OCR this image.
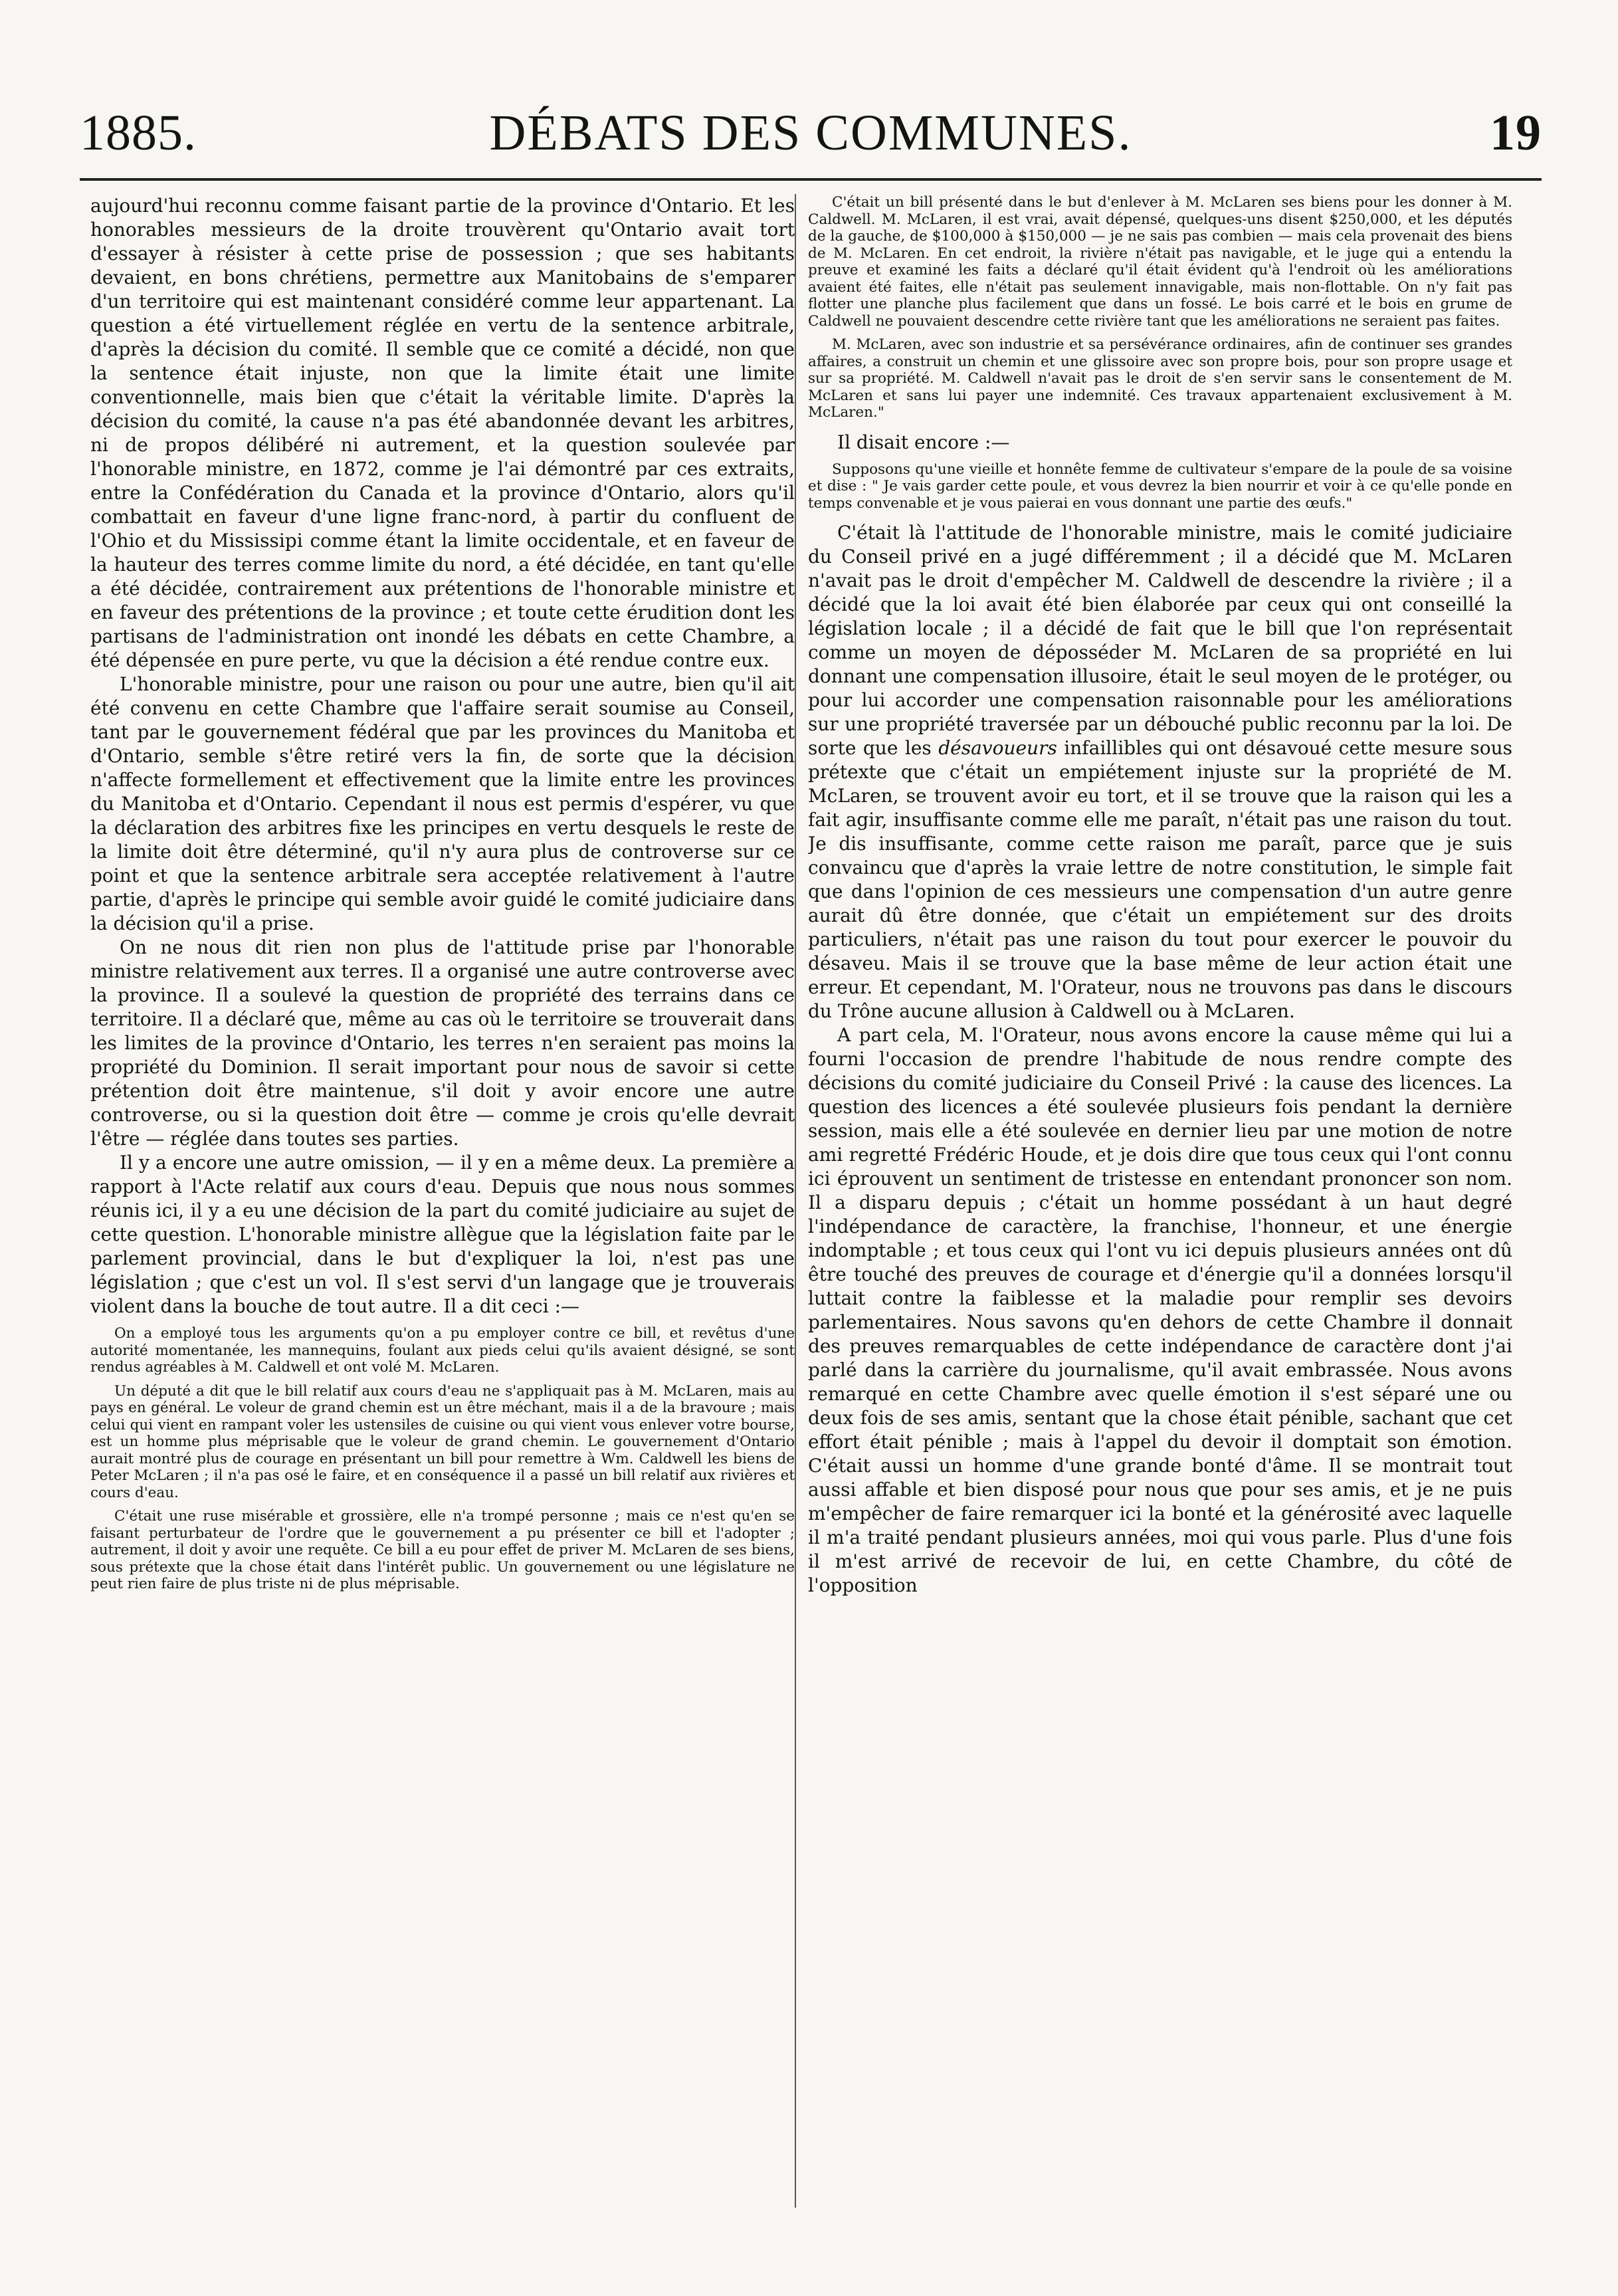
1885.	DÉBATS DES COMMUNES.	19

aujourd'hui reconnu comme faisant partie de la province d'Ontario. Et les honorables messieurs de la droite trouvèrent qu'Ontario avait tort d'essayer à résister à cette prise de possession ; que ses habitants devaient, en bons chrétiens, permettre aux Manitobains de s'emparer d'un territoire qui est maintenant considéré comme leur appartenant. La question a été virtuellement réglée en vertu de la sentence arbitrale, d'après la décision du comité. Il semble que ce comité a décidé, non que la sentence était injuste, non que la limite était une limite conventionnelle, mais bien que c'était la véritable limite. D'après la décision du comité, la cause n'a pas été abandonnée devant les arbitres, ni de propos délibéré ni autrement, et la question soulevée par l'honorable ministre, en 1872, comme je l'ai démontré par ces extraits, entre la Confédération du Canada et la province d'Ontario, alors qu'il combattait en faveur d'une ligne franc-nord, à partir du confluent de l'Ohio et du Mississipi comme étant la limite occidentale, et en faveur de la hauteur des terres comme limite du nord, a été décidée, en tant qu'elle a été décidée, contrairement aux prétentions de l'honorable ministre et en faveur des prétentions de la province ; et toute cette érudition dont les partisans de l'administration ont inondé les débats en cette Chambre, a été dépensée en pure perte, vu que la décision a été rendue contre eux.

L'honorable ministre, pour une raison ou pour une autre, bien qu'il ait été convenu en cette Chambre que l'affaire serait soumise au Conseil, tant par le gouvernement fédéral que par les provinces du Manitoba et d'Ontario, semble s'être retiré vers la fin, de sorte que la décision n'affecte formellement et effectivement que la limite entre les provinces du Manitoba et d'Ontario. Cependant il nous est permis d'espérer, vu que la déclaration des arbitres fixe les principes en vertu desquels le reste de la limite doit être déterminé, qu'il n'y aura plus de controverse sur ce point et que la sentence arbitrale sera acceptée relativement à l'autre partie, d'après le principe qui semble avoir guidé le comité judiciaire dans la décision qu'il a prise.

On ne nous dit rien non plus de l'attitude prise par l'honorable ministre relativement aux terres. Il a organisé une autre controverse avec la province. Il a soulevé la question de propriété des terrains dans ce territoire. Il a déclaré que, même au cas où le territoire se trouverait dans les limites de la province d'Ontario, les terres n'en seraient pas moins la propriété du Dominion. Il serait important pour nous de savoir si cette prétention doit être maintenue, s'il doit y avoir encore une autre controverse, ou si la question doit être — comme je crois qu'elle devrait l'être — réglée dans toutes ses parties.

Il y a encore une autre omission, — il y en a même deux. La première a rapport à l'Acte relatif aux cours d'eau. Depuis que nous nous sommes réunis ici, il y a eu une décision de la part du comité judiciaire au sujet de cette question. L'honorable ministre allègue que la législation faite par le parlement provincial, dans le but d'expliquer la loi, n'est pas une législation ; que c'est un vol. Il s'est servi d'un langage que je trouverais violent dans la bouche de tout autre. Il a dit ceci :—

On a employé tous les arguments qu'on a pu employer contre ce bill, et revêtus d'une autorité momentanée, les mannequins, foulant aux pieds celui qu'ils avaient désigné, se sont rendus agréables à M. Caldwell et ont volé M. McLaren.

Un député a dit que le bill relatif aux cours d'eau ne s'appliquait pas à M. McLaren, mais au pays en général. Le voleur de grand chemin est un être méchant, mais il a de la bravoure ; mais celui qui vient en rampant voler les ustensiles de cuisine ou qui vient vous enlever votre bourse, est un homme plus méprisable que le voleur de grand chemin. Le gouvernement d'Ontario aurait montré plus de courage en présentant un bill pour remettre à Wm. Caldwell les biens de Peter McLaren ; il n'a pas osé le faire, et en conséquence il a passé un bill relatif aux rivières et cours d'eau.

C'était une ruse misérable et grossière, elle n'a trompé personne ; mais ce n'est qu'en se faisant perturbateur de l'ordre que le gouvernement a pu présenter ce bill et l'adopter ; autrement, il doit y avoir une requête. Ce bill a eu pour effet de priver M. McLaren de ses biens, sous prétexte que la chose était dans l'intérêt public. Un gouvernement ou une législature ne peut rien faire de plus triste ni de plus méprisable.

C'était un bill présenté dans le but d'enlever à M. McLaren ses biens pour les donner à M. Caldwell. M. McLaren, il est vrai, avait dépensé, quelques-uns disent $250,000, et les députés de la gauche, de $100,000 à $150,000 — je ne sais pas combien — mais cela provenait des biens de M. McLaren. En cet endroit, la rivière n'était pas navigable, et le juge qui a entendu la preuve et examiné les faits a déclaré qu'il était évident qu'à l'endroit où les améliorations avaient été faites, elle n'était pas seulement innavigable, mais non-flottable. On n'y fait pas flotter une planche plus facilement que dans un fossé. Le bois carré et le bois en grume de Caldwell ne pouvaient descendre cette rivière tant que les améliorations ne seraient pas faites.

M. McLaren, avec son industrie et sa persévérance ordinaires, afin de continuer ses grandes affaires, a construit un chemin et une glissoire avec son propre bois, pour son propre usage et sur sa propriété. M. Caldwell n'avait pas le droit de s'en servir sans le consentement de M. McLaren et sans lui payer une indemnité. Ces travaux appartenaient exclusivement à M. McLaren."

Il disait encore :—

Supposons qu'une vieille et honnête femme de cultivateur s'empare de la poule de sa voisine et dise : " Je vais garder cette poule, et vous devrez la bien nourrir et voir à ce qu'elle ponde en temps convenable et je vous paierai en vous donnant une partie des œufs."

C'était là l'attitude de l'honorable ministre, mais le comité judiciaire du Conseil privé en a jugé différemment ; il a décidé que M. McLaren n'avait pas le droit d'empêcher M. Caldwell de descendre la rivière ; il a décidé que la loi avait été bien élaborée par ceux qui ont conseillé la législation locale ; il a décidé de fait que le bill que l'on représentait comme un moyen de déposséder M. McLaren de sa propriété en lui donnant une compensation illusoire, était le seul moyen de le protéger, ou pour lui accorder une compensation raisonnable pour les améliorations sur une propriété traversée par un débouché public reconnu par la loi. De sorte que les désavoueurs infaillibles qui ont désavoué cette mesure sous prétexte que c'était un empiétement injuste sur la propriété de M. McLaren, se trouvent avoir eu tort, et il se trouve que la raison qui les a fait agir, insuffisante comme elle me paraît, n'était pas une raison du tout. Je dis insuffisante, comme cette raison me paraît, parce que je suis convaincu que d'après la vraie lettre de notre constitution, le simple fait que dans l'opinion de ces messieurs une compensation d'un autre genre aurait dû être donnée, que c'était un empiétement sur des droits particuliers, n'était pas une raison du tout pour exercer le pouvoir du désaveu. Mais il se trouve que la base même de leur action était une erreur. Et cependant, M. l'Orateur, nous ne trouvons pas dans le discours du Trône aucune allusion à Caldwell ou à McLaren.

A part cela, M. l'Orateur, nous avons encore la cause même qui lui a fourni l'occasion de prendre l'habitude de nous rendre compte des décisions du comité judiciaire du Conseil Privé : la cause des licences. La question des licences a été soulevée plusieurs fois pendant la dernière session, mais elle a été soulevée en dernier lieu par une motion de notre ami regretté Frédéric Houde, et je dois dire que tous ceux qui l'ont connu ici éprouvent un sentiment de tristesse en entendant prononcer son nom. Il a disparu depuis ; c'était un homme possédant à un haut degré l'indépendance de caractère, la franchise, l'honneur, et une énergie indomptable ; et tous ceux qui l'ont vu ici depuis plusieurs années ont dû être touché des preuves de courage et d'énergie qu'il a données lorsqu'il luttait contre la faiblesse et la maladie pour remplir ses devoirs parlementaires. Nous savons qu'en dehors de cette Chambre il donnait des preuves remarquables de cette indépendance de caractère dont j'ai parlé dans la carrière du journalisme, qu'il avait embrassée. Nous avons remarqué en cette Chambre avec quelle émotion il s'est séparé une ou deux fois de ses amis, sentant que la chose était pénible, sachant que cet effort était pénible ; mais à l'appel du devoir il domptait son émotion. C'était aussi un homme d'une grande bonté d'âme. Il se montrait tout aussi affable et bien disposé pour nous que pour ses amis, et je ne puis m'empêcher de faire remarquer ici la bonté et la générosité avec laquelle il m'a traité pendant plusieurs années, moi qui vous parle. Plus d'une fois il m'est arrivé de recevoir de lui, en cette Chambre, du côté de l'opposition
